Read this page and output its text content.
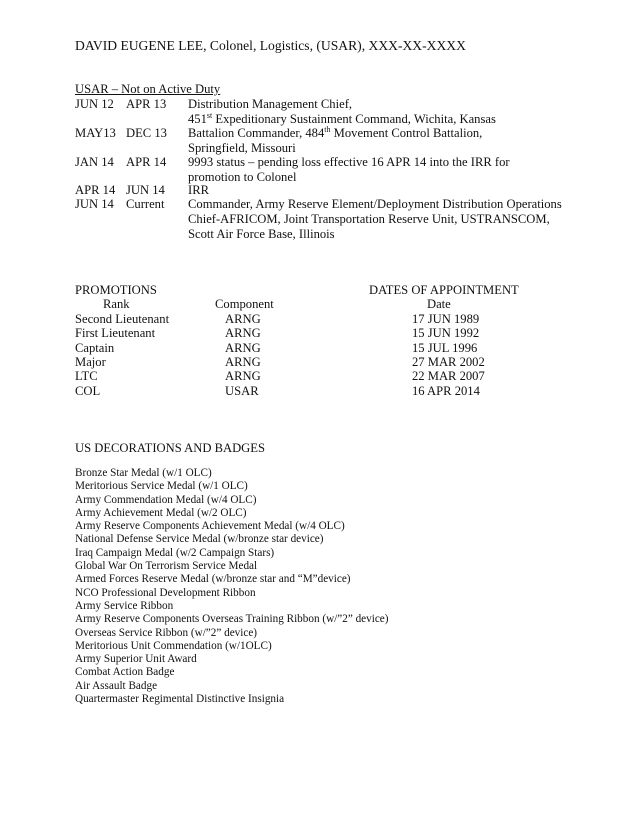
DAVID EUGENE LEE, Colonel, Logistics, (USAR), XXX-XX-XXXX
USAR – Not on Active Duty
JUN 12 APR 13 Distribution Management Chief,
451st Expeditionary Sustainment Command, Wichita, Kansas
MAY13 DEC 13 Battalion Commander, 484th Movement Control Battalion,
Springfield, Missouri
JAN 14 APR 14 9993 status – pending loss effective 16 APR 14 into the IRR for
promotion to Colonel
APR 14 JUN 14 IRR
JUN 14 Current Commander, Army Reserve Element/Deployment Distribution Operations
Chief-AFRICOM, Joint Transportation Reserve Unit, USTRANSCOM,
Scott Air Force Base, Illinois
PROMOTIONS	DATES OF APPOINTMENT
Rank	Component	Date
Second Lieutenant	ARNG	17 JUN 1989
First Lieutenant	ARNG	15 JUN 1992
Captain	ARNG	15 JUL 1996
Major	ARNG	27 MAR 2002
LTC	ARNG	22 MAR 2007
COL	USAR	16 APR 2014
US DECORATIONS AND BADGES
Bronze Star Medal (w/1 OLC)
Meritorious Service Medal (w/1 OLC)
Army Commendation Medal (w/4 OLC)
Army Achievement Medal (w/2 OLC)
Army Reserve Components Achievement Medal (w/4 OLC)
National Defense Service Medal (w/bronze star device)
Iraq Campaign Medal (w/2 Campaign Stars)
Global War On Terrorism Service Medal
Armed Forces Reserve Medal (w/bronze star and “M”device)
NCO Professional Development Ribbon
Army Service Ribbon
Army Reserve Components Overseas Training Ribbon (w/”2” device)
Overseas Service Ribbon (w/”2” device)
Meritorious Unit Commendation (w/1OLC)
Army Superior Unit Award
Combat Action Badge
Air Assault Badge
Quartermaster Regimental Distinctive Insignia
